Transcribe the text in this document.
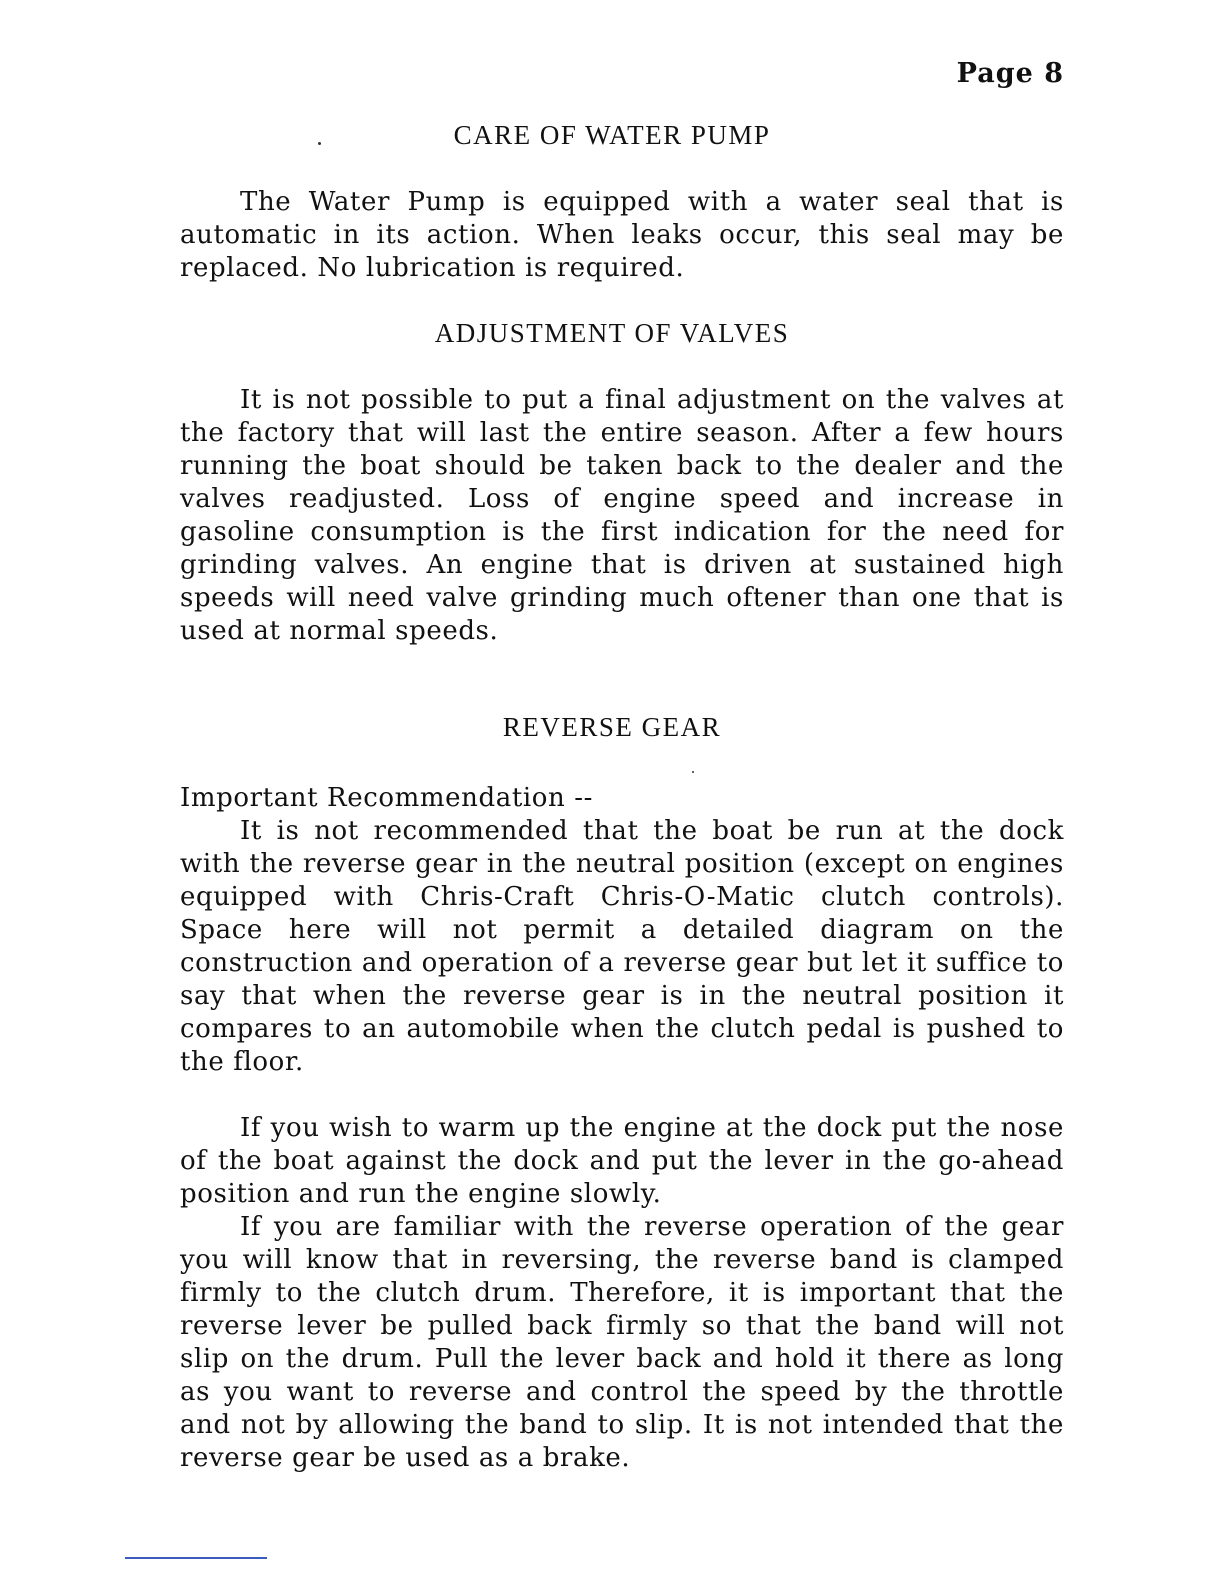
Page 8
CARE OF WATER PUMP

The Water Pump is equipped with a water seal that is automatic in its action. When leaks occur, this seal may be replaced. No lubrication is required.

ADJUSTMENT OF VALVES

It is not possible to put a final adjustment on the valves at the factory that will last the entire season. After a few hours running the boat should be taken back to the dealer and the valves readjusted. Loss of engine speed and increase in gasoline consumption is the first indication for the need for grinding valves. An engine that is driven at sustained high speeds will need valve grinding much oftener than one that is used at normal speeds.

REVERSE GEAR

Important Recommendation --

It is not recommended that the boat be run at the dock with the reverse gear in the neutral position (except on engines equipped with Chris-Craft Chris-O-Matic clutch controls). Space here will not permit a detailed diagram on the construction and operation of a reverse gear but let it suffice to say that when the reverse gear is in the neutral position it compares to an automobile when the clutch pedal is pushed to the floor.

If you wish to warm up the engine at the dock put the nose of the boat against the dock and put the lever in the go-ahead position and run the engine slowly.

If you are familiar with the reverse operation of the gear you will know that in reversing, the reverse band is clamped firmly to the clutch drum. Therefore, it is important that the reverse lever be pulled back firmly so that the band will not slip on the drum. Pull the lever back and hold it there as long as you want to reverse and control the speed by the throttle and not by allowing the band to slip. It is not intended that the reverse gear be used as a brake.
